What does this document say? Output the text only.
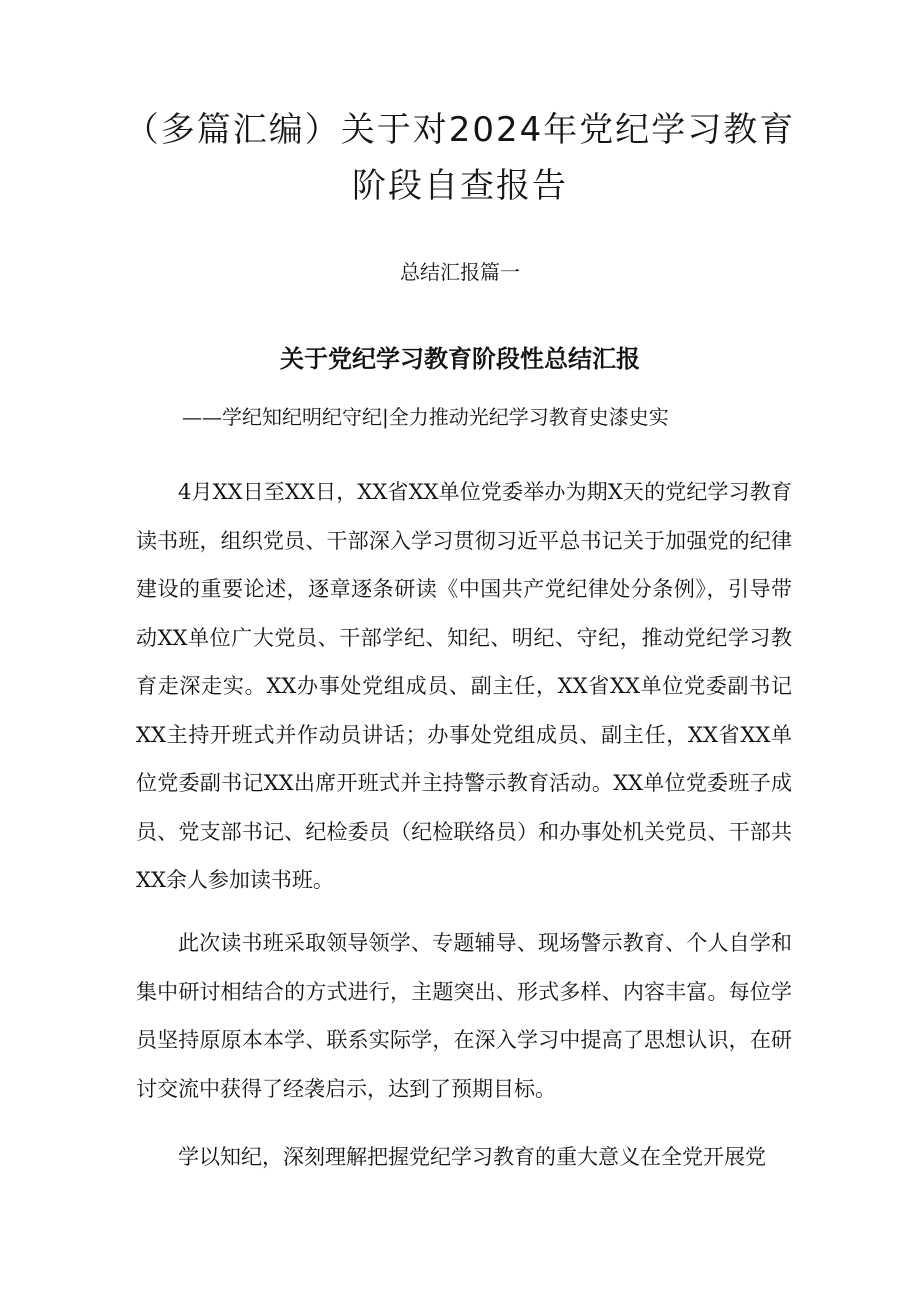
（多篇汇编）关于对2024年党纪学习教育
阶段自查报告
总结汇报篇一
关于党纪学习教育阶段性总结汇报
——学纪知纪明纪守纪|全力推动光纪学习教育史漆史实

4月XX日至XX日，XX省XX单位党委举办为期X天的党纪学习教育读书班，组织党员、干部深入学习贯彻习近平总书记关于加强党的纪律建设的重要论述，逐章逐条研读《中国共产党纪律处分条例》，引导带动XX单位广大党员、干部学纪、知纪、明纪、守纪，推动党纪学习教育走深走实。XX办事处党组成员、副主任，XX省XX单位党委副书记XX主持开班式并作动员讲话；办事处党组成员、副主任，XX省XX单位党委副书记XX出席开班式并主持警示教育活动。XX单位党委班子成员、党支部书记、纪检委员（纪检联络员）和办事处机关党员、干部共XX余人参加读书班。

此次读书班采取领导领学、专题辅导、现场警示教育、个人自学和集中研讨相结合的方式进行，主题突出、形式多样、内容丰富。每位学员坚持原原本本学、联系实际学，在深入学习中提高了思想认识，在研讨交流中获得了经袭启示，达到了预期目标。

学以知纪，深刻理解把握党纪学习教育的重大意义在全党开展党
